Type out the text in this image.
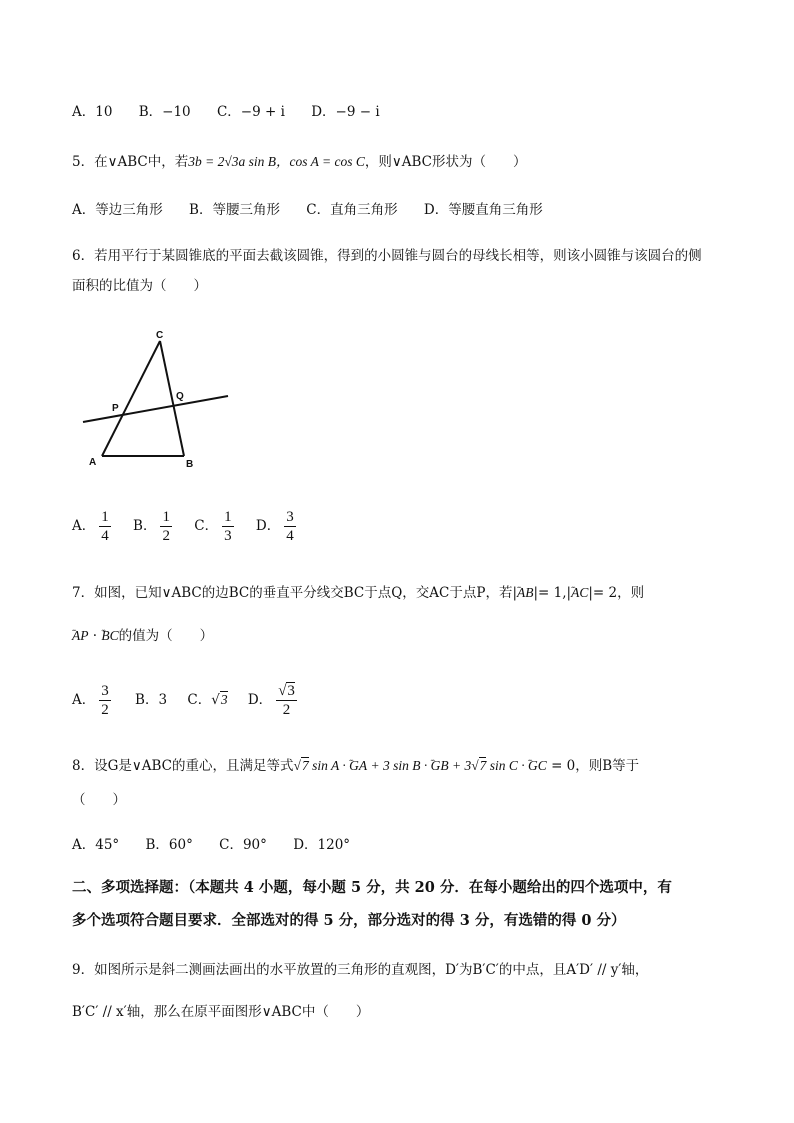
A．10 B．−10 C．−9 + i D．−9 − i
5．在∨ABC中，若3b = 2√3a sin B，cos A = cos C，则∨ABC形状为（　　）
A．等边三角形 B．等腰三角形 C．直角三角形 D．等腰直角三角形
6．若用平行于某圆锥底的平面去截该圆锥，得到的小圆锥与圆台的母线长相等，则该小圆锥与该圆台的侧
面积的比值为（　　）
C
P
Q
A	B
A． $\frac{1}{4}$ B． $\frac{1}{2}$ C． $\frac{1}{3}$ D． $\frac{3}{4}$
7．如图，已知∨ABC的边BC的垂直平分线交BC于点Q，交AC于点P，若|ꞈꞈ AB|= 1,|ꞈꞈ AC|= 2，则
ꞈꞈ AP · ꞈꞈ BC的值为（　　）
A． $\frac{3}{2}$ B．3 C．√3 D． $\frac{√3}{2}$
8．设G是∨ABC的重心，且满足等式√7 sin A · ꞈꞈ GA + 3 sin B · ꞈꞈ GB + 3√7 sin C · ꞈꞈ GC = 0，则B等于
（　　）
A．45° B．60° C．90° D．120°
二、多项选择题：（本题共 4 小题，每小题 5 分，共 20 分．在每小题给出的四个选项中，有
多个选项符合题目要求．全部选对的得 5 分，部分选对的得 3 分，有选错的得 0 分）
9．如图所示是斜二测画法画出的水平放置的三角形的直观图，D′为B′C′的中点，且A′D′ // y′轴，
B′C′ // x′轴，那么在原平面图形∨ABC中（　　）
